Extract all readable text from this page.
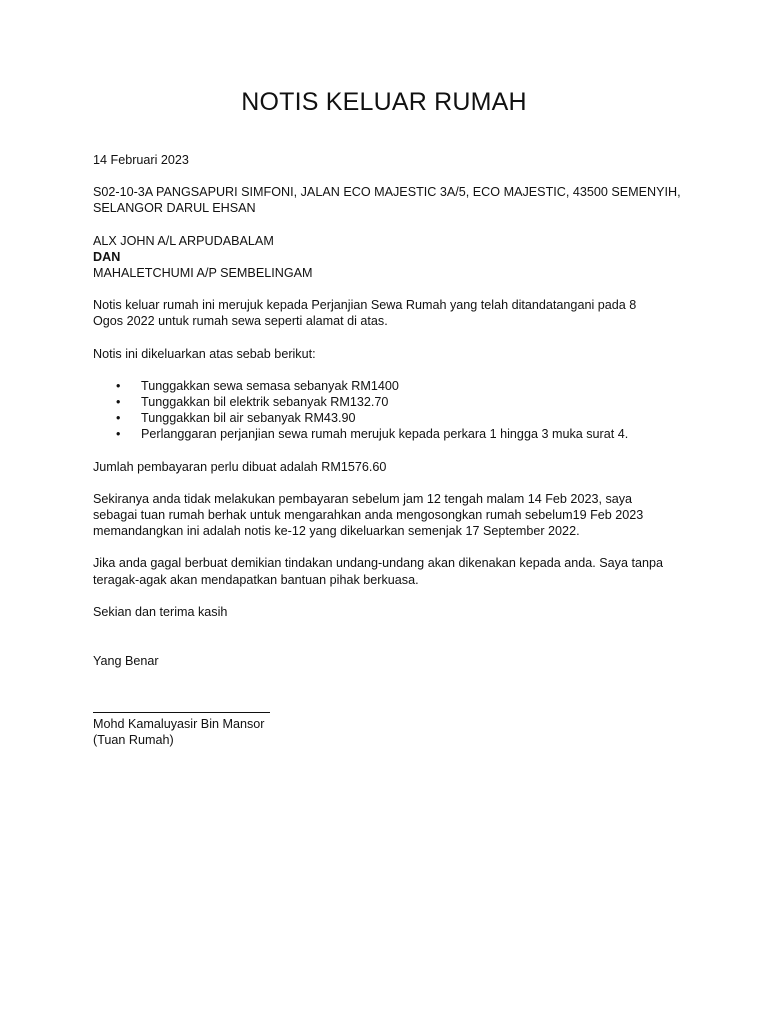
NOTIS KELUAR RUMAH
14 Februari 2023
S02-10-3A PANGSAPURI SIMFONI, JALAN ECO MAJESTIC 3A/5, ECO MAJESTIC, 43500 SEMENYIH,
SELANGOR DARUL EHSAN
ALX JOHN A/L ARPUDABALAM
DAN
MAHALETCHUMI A/P SEMBELINGAM
Notis keluar rumah ini merujuk kepada Perjanjian Sewa Rumah yang telah ditandatangani pada 8
Ogos 2022 untuk rumah sewa seperti alamat di atas.
Notis ini dikeluarkan atas sebab berikut:
• Tunggakkan sewa semasa sebanyak RM1400
• Tunggakkan bil elektrik sebanyak RM132.70
• Tunggakkan bil air sebanyak RM43.90
• Perlanggaran perjanjian sewa rumah merujuk kepada perkara 1 hingga 3 muka surat 4.
Jumlah pembayaran perlu dibuat adalah RM1576.60
Sekiranya anda tidak melakukan pembayaran sebelum jam 12 tengah malam 14 Feb 2023, saya
sebagai tuan rumah berhak untuk mengarahkan anda mengosongkan rumah sebelum19 Feb 2023
memandangkan ini adalah notis ke-12 yang dikeluarkan semenjak 17 September 2022.
Jika anda gagal berbuat demikian tindakan undang-undang akan dikenakan kepada anda. Saya tanpa
teragak-agak akan mendapatkan bantuan pihak berkuasa.
Sekian dan terima kasih
Yang Benar
Mohd Kamaluyasir Bin Mansor
(Tuan Rumah)
